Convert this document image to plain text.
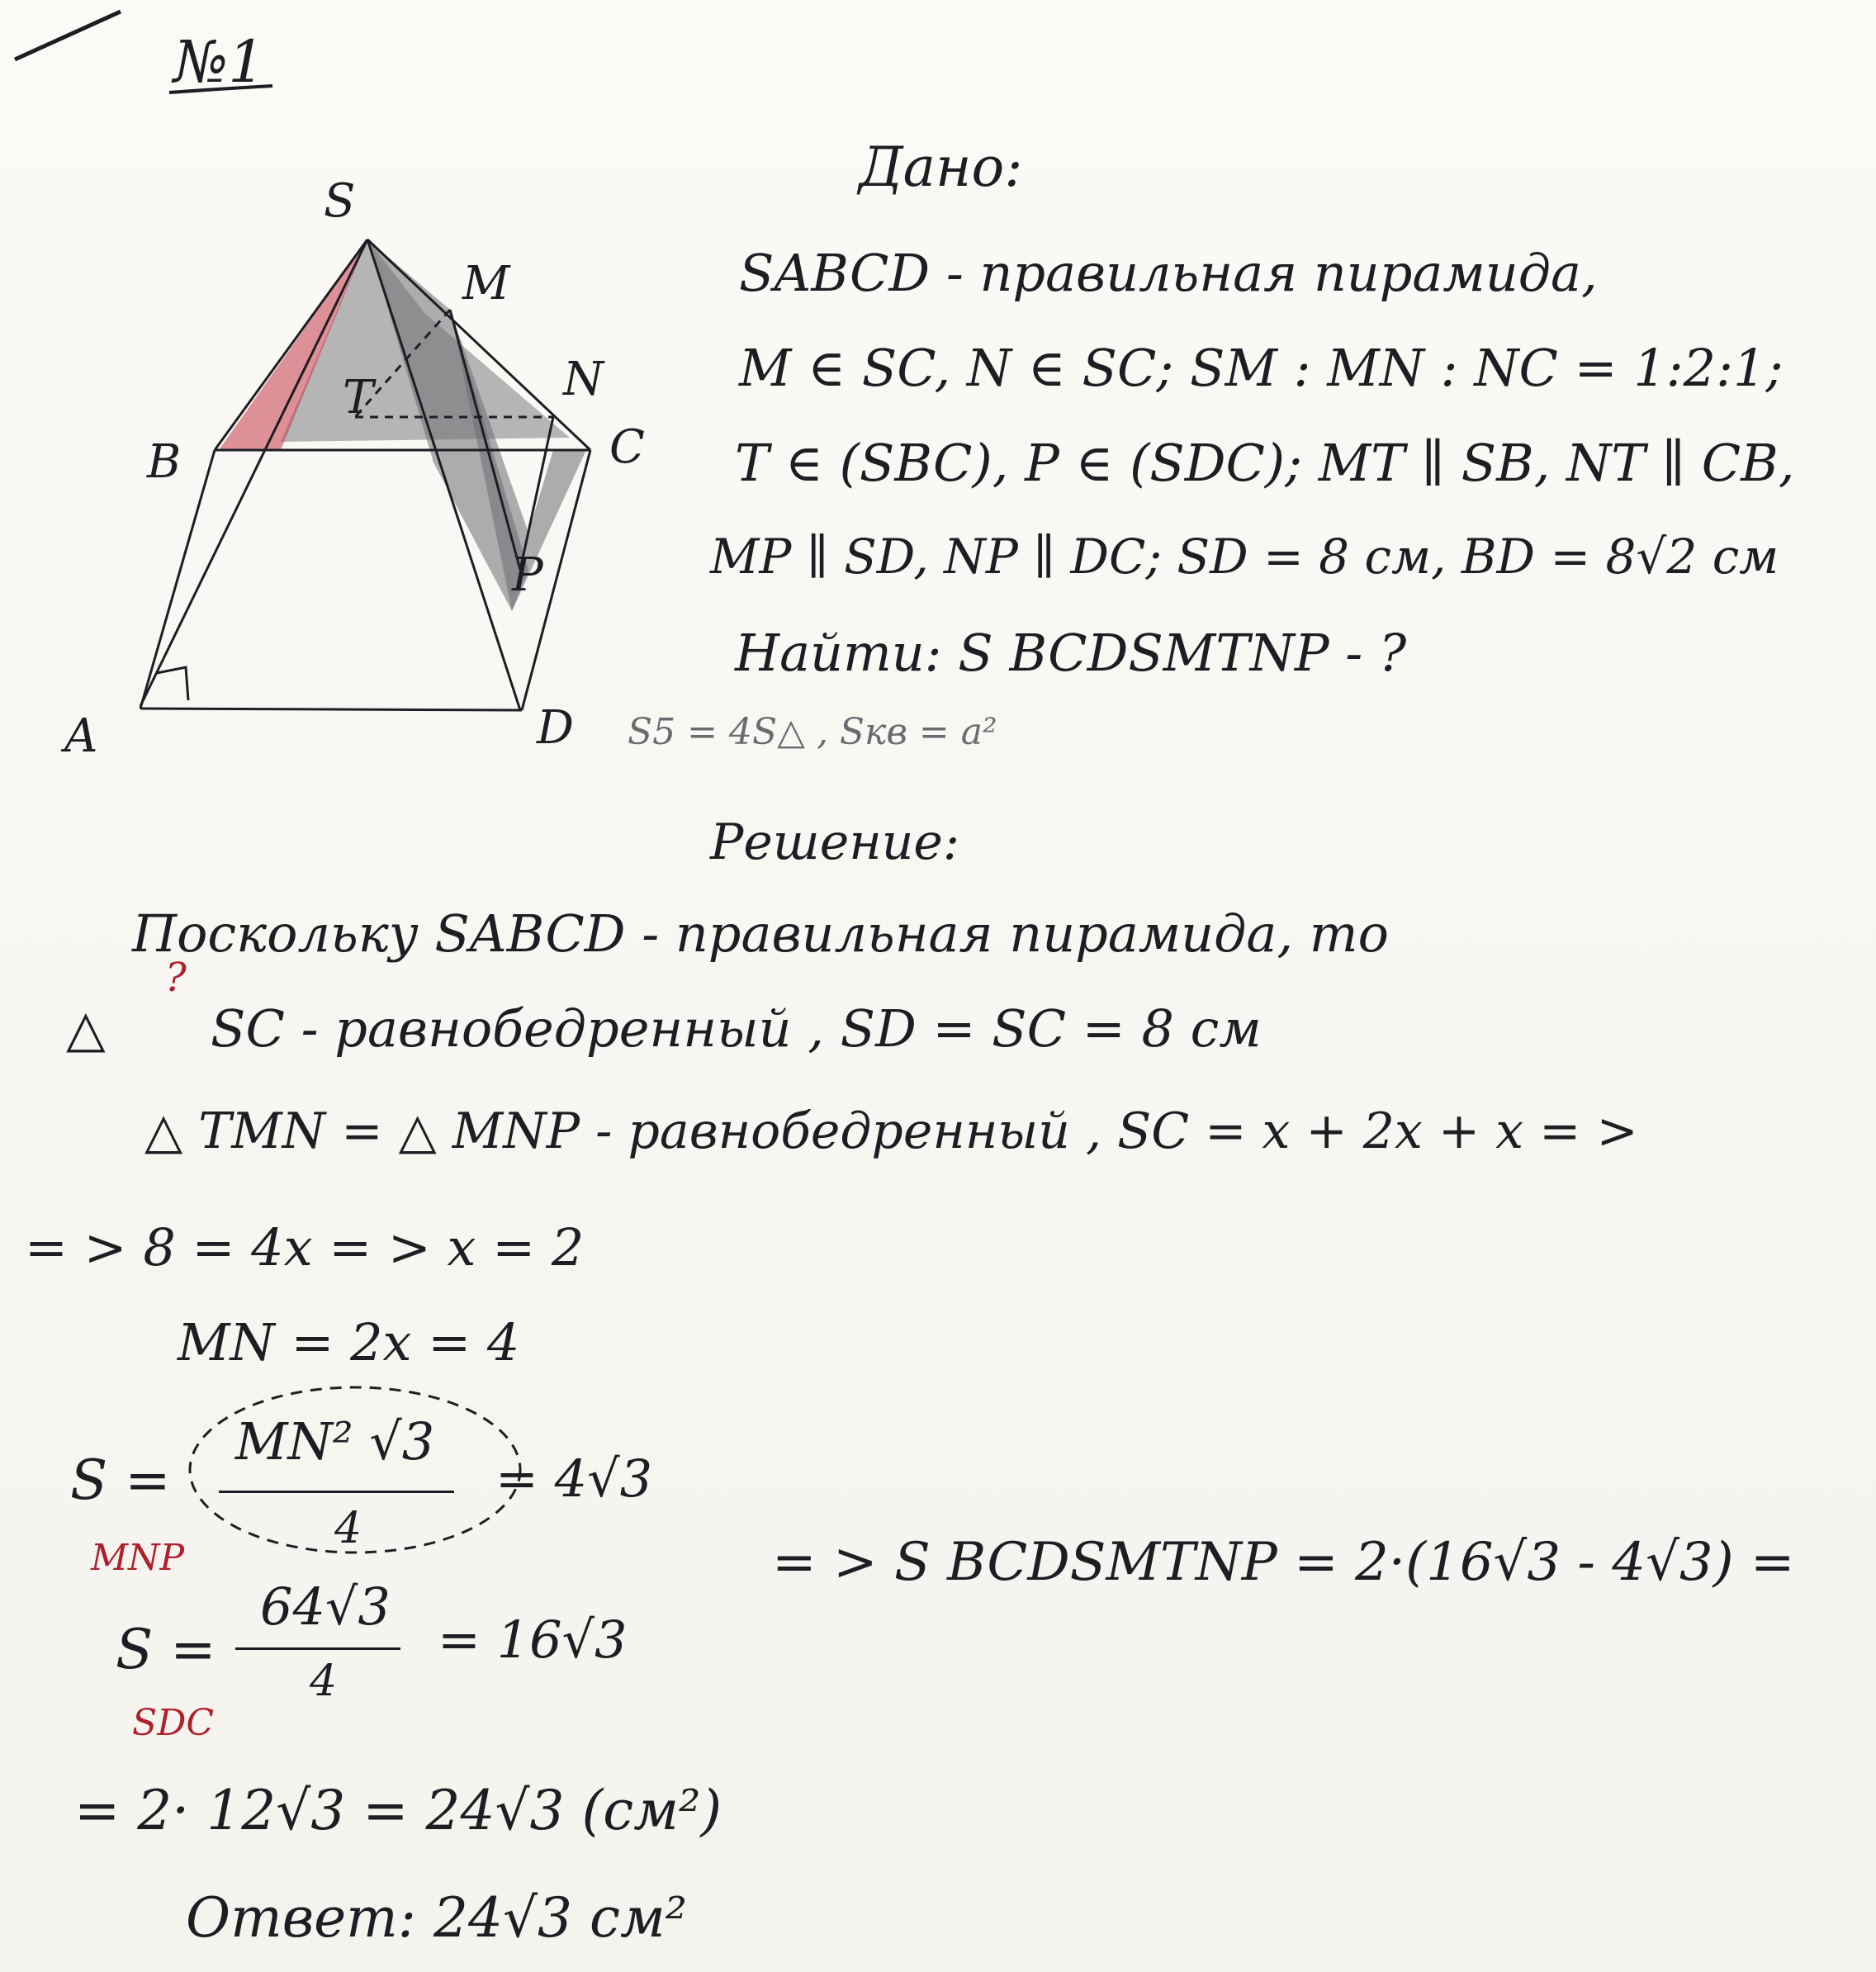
S
M
N
B	C
T
P
A	D
№1
Дано:
SABCD - правильная пирамида,
M ∈ SC, N ∈ SC; SM : MN : NC = 1:2:1;
T ∈ (SBC), P ∈ (SDC); MT ∥ SB, NT ∥ CB,
MP ∥ SD, NP ∥ DC; SD = 8 см, BD = 8√2 см
Найти: S BCDSMTNP - ?
S5 = 4S△ , Sкв = a²
Решение:
Поскольку SABCD - правильная пирамида, то
△
?
SC - равнобедренный , SD = SC = 8 см
△ TMN = △ MNP - равнобедренный , SC = x + 2x + x = >
= > 8 = 4x = > x = 2
MN = 2x = 4
S =
MNP
MN² √3
4
= 4√3
= > S BCDSMTNP = 2·(16√3 - 4√3) =
S =
SDC
64√3
4
= 16√3
= 2· 12√3 = 24√3 (см²)
Ответ: 24√3 см²
